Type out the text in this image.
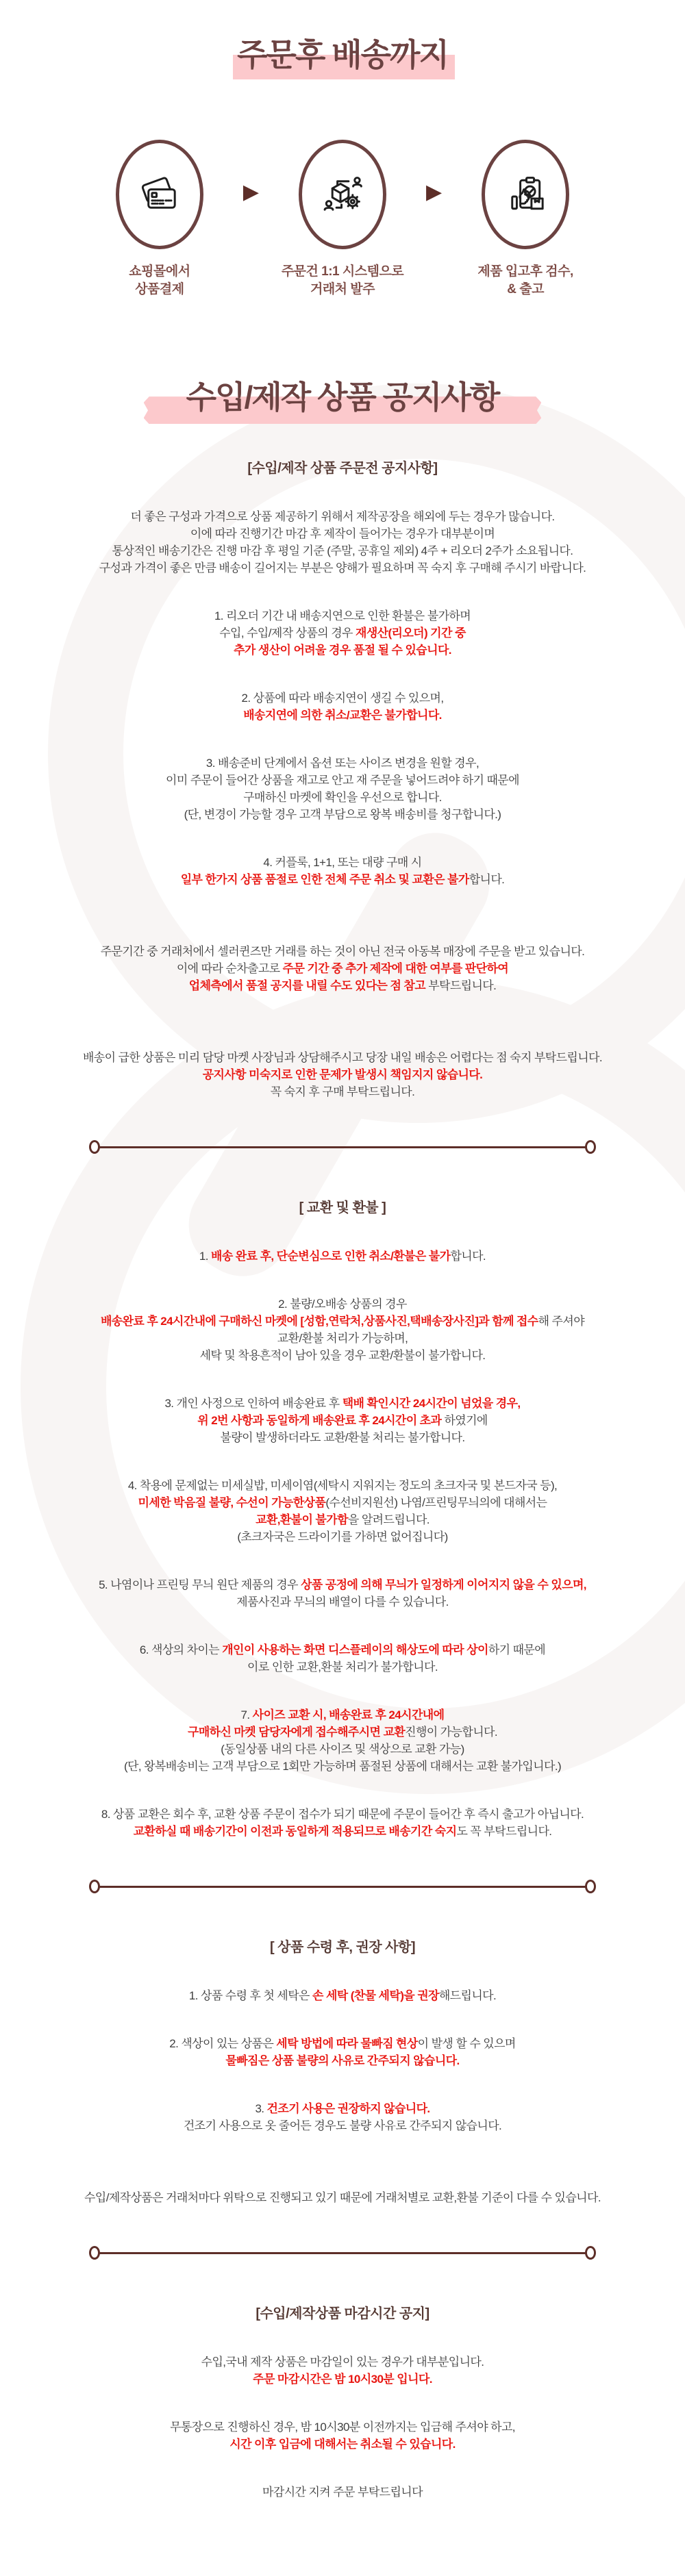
주문후 배송까지
쇼핑몰에서
상품결제
▶
주문건 1:1 시스템으로
거래처 발주
▶
제품 입고후 검수,
& 출고
수입/제작 상품 공지사항
[수입/제작 상품 주문전 공지사항]

더 좋은 구성과 가격으로 상품 제공하기 위해서 제작공장을 해외에 두는 경우가 많습니다.
이에 따라 진행기간 마감 후 제작이 들어가는 경우가 대부분이며
통상적인 배송기간은 진행 마감 후 평일 기준 (주말, 공휴일 제외) 4주 + 리오더 2주가 소요됩니다.
구성과 가격이 좋은 만큼 배송이 길어지는 부분은 양해가 필요하며 꼭 숙지 후 구매해 주시기 바랍니다.

1. 리오더 기간 내 배송지연으로 인한 환불은 불가하며
수입, 수입/제작 상품의 경우 재생산(리오더) 기간 중
추가 생산이 어려울 경우 품절 될 수 있습니다.

2. 상품에 따라 배송지연이 생길 수 있으며,
배송지연에 의한 취소/교환은 불가합니다.

3. 배송준비 단계에서 옵션 또는 사이즈 변경을 원할 경우,
이미 주문이 들어간 상품을 재고로 안고 재 주문을 넣어드려야 하기 때문에
구매하신 마켓에 확인을 우선으로 합니다.
(단, 변경이 가능할 경우 고객 부담으로 왕복 배송비를 청구합니다.)

4. 커플룩, 1+1, 또는 대량 구매 시
일부 한가지 상품 품절로 인한 전체 주문 취소 및 교환은 불가합니다.

주문기간 중 거래처에서 셀러퀸즈만 거래를 하는 것이 아닌 전국 아동복 매장에 주문을 받고 있습니다.
이에 따라 순차출고로 주문 기간 중 추가 제작에 대한 여부를 판단하여
업체측에서 품절 공지를 내릴 수도 있다는 점 참고 부탁드립니다.

배송이 급한 상품은 미리 담당 마켓 사장님과 상담해주시고 당장 내일 배송은 어렵다는 점 숙지 부탁드립니다.
공지사항 미숙지로 인한 문제가 발생시 책임지지 않습니다.
꼭 숙지 후 구매 부탁드립니다.

[ 교환 및 환불 ]

1. 배송 완료 후, 단순변심으로 인한 취소/환불은 불가합니다.

2. 불량/오배송 상품의 경우
배송완료 후 24시간내에 구매하신 마켓에 [성함,연락처,상품사진,택배송장사진]과 함께 접수해 주셔야
교환/환불 처리가 가능하며,
세탁 및 착용흔적이 남아 있을 경우 교환/환불이 불가합니다.

3. 개인 사정으로 인하여 배송완료 후 택배 확인시간 24시간이 넘었을 경우,
위 2번 사항과 동일하게 배송완료 후 24시간이 초과 하였기에
불량이 발생하더라도 교환/환불 처리는 불가합니다.

4. 착용에 문제없는 미세실밥, 미세이염(세탁시 지워지는 정도의 초크자국 및 본드자국 등),
미세한 박음질 불량, 수선이 가능한상품(수선비지원선) 나염/프린팅무늬의에 대해서는
교환,환불이 불가함을 알려드립니다.
(초크자국은 드라이기를 가하면 없어집니다)

5. 나염이나 프린팅 무늬 원단 제품의 경우 상품 공정에 의해 무늬가 일정하게 이어지지 않을 수 있으며,
제품사진과 무늬의 배열이 다를 수 있습니다.

6. 색상의 차이는 개인이 사용하는 화면 디스플레이의 해상도에 따라 상이하기 때문에
이로 인한 교환,환불 처리가 불가합니다.

7. 사이즈 교환 시, 배송완료 후 24시간내에
구매하신 마켓 담당자에게 접수해주시면 교환진행이 가능합니다.
(동일상품 내의 다른 사이즈 및 색상으로 교환 가능)
(단, 왕복배송비는 고객 부담으로 1회만 가능하며 품절된 상품에 대해서는 교환 불가입니다.)

8. 상품 교환은 회수 후, 교환 상품 주문이 접수가 되기 때문에 주문이 들어간 후 즉시 출고가 아닙니다.
교환하실 때 배송기간이 이전과 동일하게 적용되므로 배송기간 숙지도 꼭 부탁드립니다.

[ 상품 수령 후, 권장 사항]

1. 상품 수령 후 첫 세탁은 손 세탁 (찬물 세탁)을 권장해드립니다.

2. 색상이 있는 상품은 세탁 방법에 따라 물빠짐 현상이 발생 할 수 있으며
물빠짐은 상품 불량의 사유로 간주되지 않습니다.

3. 건조기 사용은 권장하지 않습니다.
건조기 사용으로 옷 줄어든 경우도 불량 사유로 간주되지 않습니다.

수입/제작상품은 거래처마다 위탁으로 진행되고 있기 때문에 거래처별로 교환,환불 기준이 다를 수 있습니다.

[수입/제작상품 마감시간 공지]

수입,국내 제작 상품은 마감일이 있는 경우가 대부분입니다.
주문 마감시간은 밤 10시30분 입니다.

무통장으로 진행하신 경우, 밤 10시30분 이전까지는 입금해 주셔야 하고,
시간 이후 입금에 대해서는 취소될 수 있습니다.

마감시간 지켜 주문 부탁드립니다
